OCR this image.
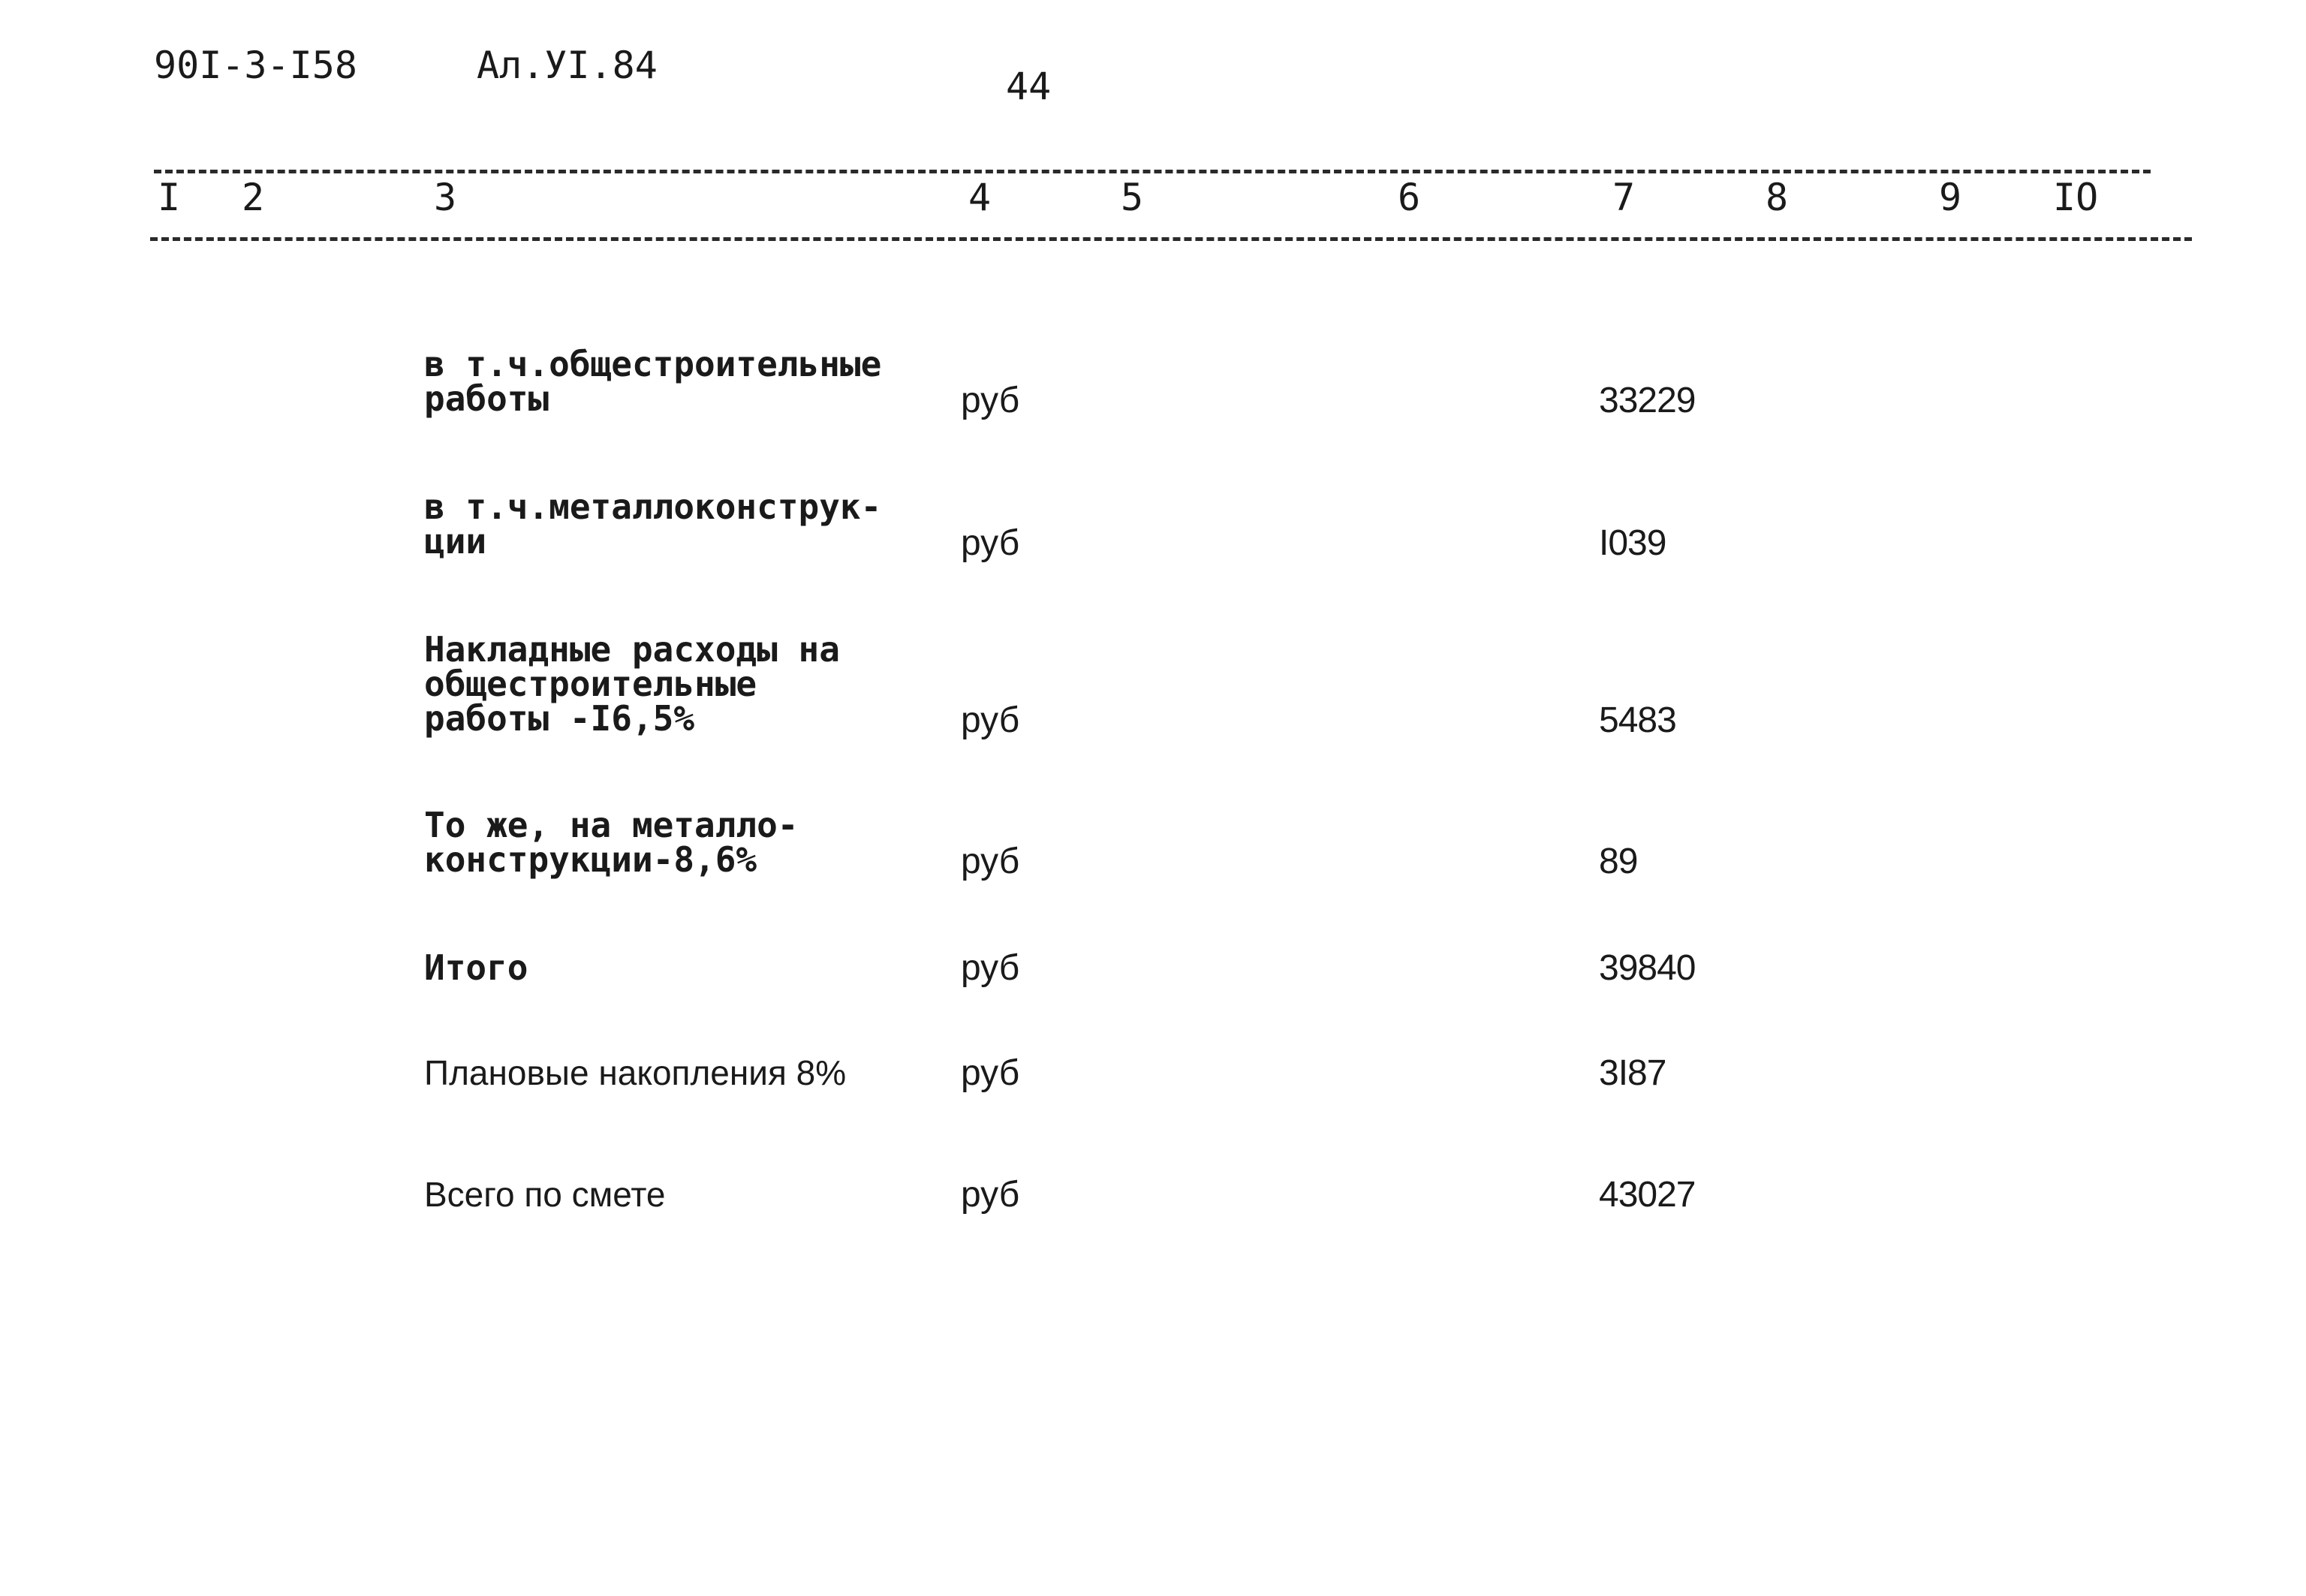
90I-3-I58	Ал.УI.84	44
I 2	3	4	5	6	7	8	9 IO
в т.ч.общестроительные
работы	руб	33229
в т.ч.металлоконструк-
ции	руб	I039
Накладные расходы на
общестроительные
работы -I6,5%	руб	5483
То же, на металло-
конструкции-8,6%	руб	89
Итого	руб	39840
Плановые накопления 8%	руб	3I87
Всего по смете	руб	43027
